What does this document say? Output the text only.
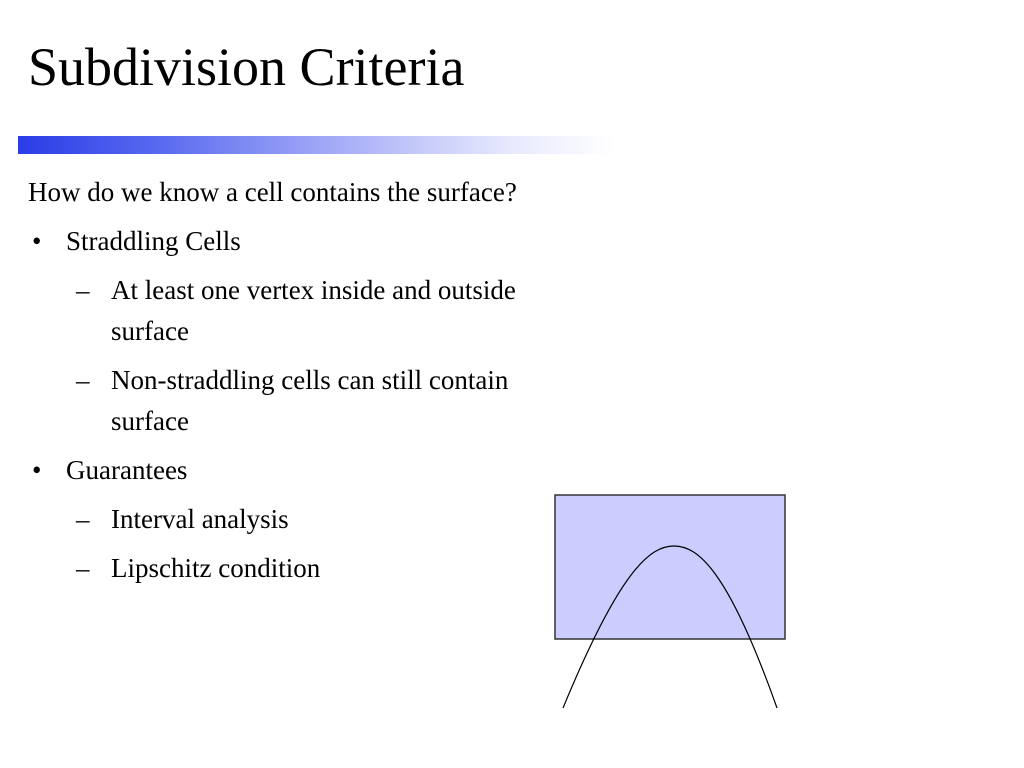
Subdivision Criteria

How do we know a cell contains the surface?

• Straddling Cells
– At least one vertex inside and outside surface
– Non-straddling cells can still contain surface
• Guarantees
– Interval analysis
– Lipschitz condition
